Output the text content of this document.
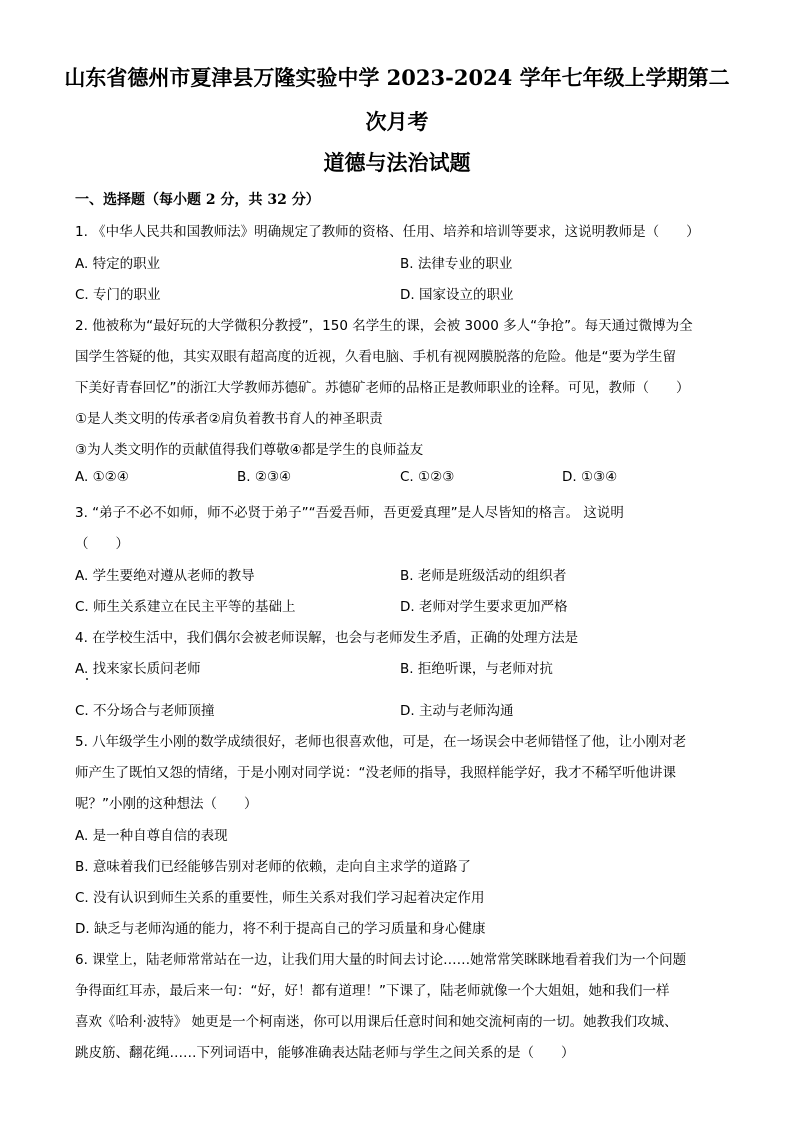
山东省德州市夏津县万隆实验中学 2023-2024 学年七年级上学期第二
次月考
道德与法治试题
一、选择题（每小题 2 分，共 32 分）
1. 《中华人民共和国教师法》明确规定了教师的资格、任用、培养和培训等要求，这说明教师是（　　）
A. 特定的职业	B. 法律专业的职业
C. 专门的职业	D. 国家设立的职业
2. 他被称为“最好玩的大学微积分教授”，150 名学生的课，会被 3000 多人“争抢”。每天通过微博为全
国学生答疑的他，其实双眼有超高度的近视，久看电脑、手机有视网膜脱落的危险。他是“要为学生留
下美好青春回忆”的浙江大学教师苏德矿。苏德矿老师的品格正是教师职业的诠释。可见，教师（　　）
①是人类文明的传承者②肩负着教书育人的神圣职责
③为人类文明作的贡献值得我们尊敬④都是学生的良师益友
A. ①②④	B. ②③④	C. ①②③	D. ①③④
3. “弟子不必不如师，师不必贤于弟子”“吾爱吾师，吾更爱真理”是人尽皆知的格言。 这说明
（　　）
A. 学生要绝对遵从老师的教导	B. 老师是班级活动的组织者
C. 师生关系建立在民主平等的基础上	D. 老师对学生要求更加严格
4. 在学校生活中，我们偶尔会被老师误解，也会与老师发生矛盾，正确的处理方法是
A. 找来家长质问老师	B. 拒绝听课，与老师对抗
C. 不分场合与老师顶撞	D. 主动与老师沟通
5. 八年级学生小刚的数学成绩很好，老师也很喜欢他，可是，在一场误会中老师错怪了他，让小刚对老
师产生了既怕又怨的情绪，于是小刚对同学说：“没老师的指导，我照样能学好，我才不稀罕听他讲课
呢？”小刚的这种想法（　　）
A. 是一种自尊自信的表现
B. 意味着我们已经能够告别对老师的依赖，走向自主求学的道路了
C. 没有认识到师生关系的重要性，师生关系对我们学习起着决定作用
D. 缺乏与老师沟通的能力，将不利于提高自己的学习质量和身心健康
6. 课堂上，陆老师常常站在一边，让我们用大量的时间去讨论……她常常笑眯眯地看着我们为一个问题
争得面红耳赤，最后来一句：“好，好！都有道理！”下课了，陆老师就像一个大姐姐，她和我们一样
喜欢《哈利·波特》 她更是一个柯南迷，你可以用课后任意时间和她交流柯南的一切。她教我们攻城、
跳皮筋、翻花绳……下列词语中，能够准确表达陆老师与学生之间关系的是（　　）
